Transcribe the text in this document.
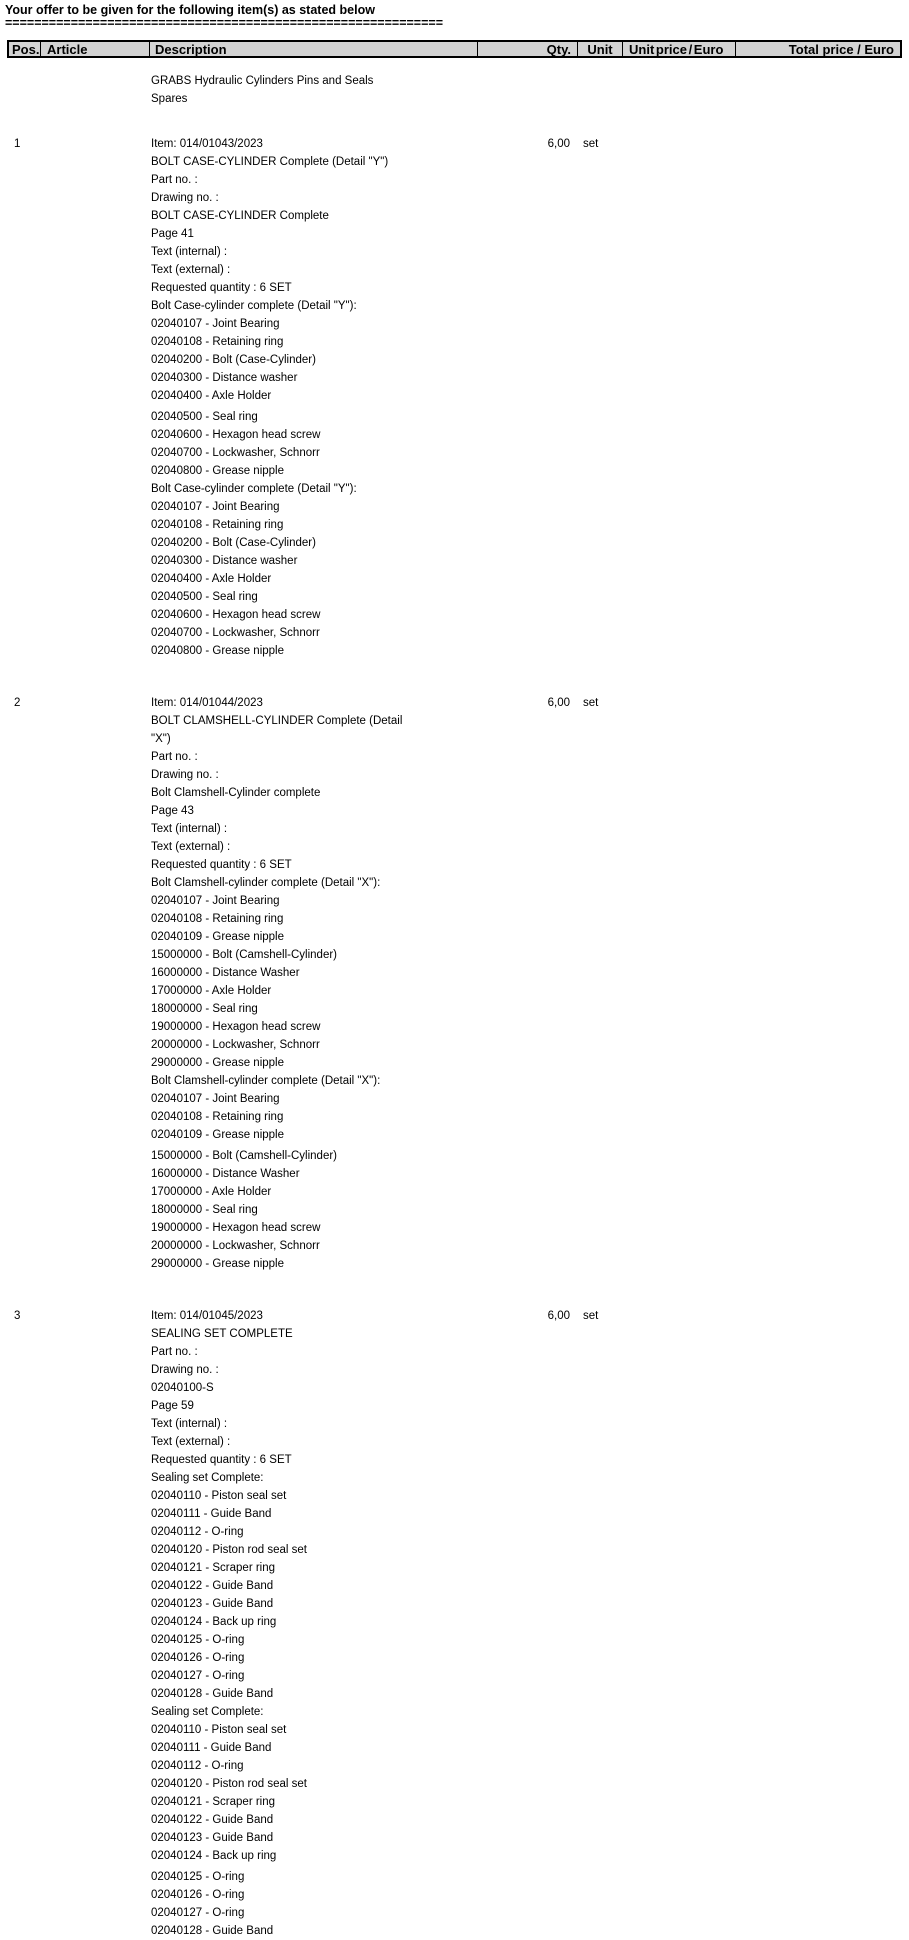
Your offer to be given for the following item(s) as stated below
============================================================
Pos. Article	Description	Qty.	Unit	Unit price / Euro	Total price / Euro
GRABS Hydraulic Cylinders Pins and Seals
Spares
1	6,00 set
Item: 014/01043/2023
BOLT CASE-CYLINDER Complete (Detail "Y")
Part no. :
Drawing no. :
BOLT CASE-CYLINDER Complete
Page 41
Text (internal) :
Text (external) :
Requested quantity : 6 SET
Bolt Case-cylinder complete (Detail "Y"):
02040107 - Joint Bearing
02040108 - Retaining ring
02040200 - Bolt (Case-Cylinder)
02040300 - Distance washer
02040400 - Axle Holder
02040500 - Seal ring
02040600 - Hexagon head screw
02040700 - Lockwasher, Schnorr
02040800 - Grease nipple
Bolt Case-cylinder complete (Detail "Y"):
02040107 - Joint Bearing
02040108 - Retaining ring
02040200 - Bolt (Case-Cylinder)
02040300 - Distance washer
02040400 - Axle Holder
02040500 - Seal ring
02040600 - Hexagon head screw
02040700 - Lockwasher, Schnorr
02040800 - Grease nipple
2	6,00 set
Item: 014/01044/2023
BOLT CLAMSHELL-CYLINDER Complete (Detail
"X")
Part no. :
Drawing no. :
Bolt Clamshell-Cylinder complete
Page 43
Text (internal) :
Text (external) :
Requested quantity : 6 SET
Bolt Clamshell-cylinder complete (Detail "X"):
02040107 - Joint Bearing
02040108 - Retaining ring
02040109 - Grease nipple
15000000 - Bolt (Camshell-Cylinder)
16000000 - Distance Washer
17000000 - Axle Holder
18000000 - Seal ring
19000000 - Hexagon head screw
20000000 - Lockwasher, Schnorr
29000000 - Grease nipple
Bolt Clamshell-cylinder complete (Detail "X"):
02040107 - Joint Bearing
02040108 - Retaining ring
02040109 - Grease nipple
15000000 - Bolt (Camshell-Cylinder)
16000000 - Distance Washer
17000000 - Axle Holder
18000000 - Seal ring
19000000 - Hexagon head screw
20000000 - Lockwasher, Schnorr
29000000 - Grease nipple
3	6,00 set
Item: 014/01045/2023
SEALING SET COMPLETE
Part no. :
Drawing no. :
02040100-S
Page 59
Text (internal) :
Text (external) :
Requested quantity : 6 SET
Sealing set Complete:
02040110 - Piston seal set
02040111 - Guide Band
02040112 - O-ring
02040120 - Piston rod seal set
02040121 - Scraper ring
02040122 - Guide Band
02040123 - Guide Band
02040124 - Back up ring
02040125 - O-ring
02040126 - O-ring
02040127 - O-ring
02040128 - Guide Band
Sealing set Complete:
02040110 - Piston seal set
02040111 - Guide Band
02040112 - O-ring
02040120 - Piston rod seal set
02040121 - Scraper ring
02040122 - Guide Band
02040123 - Guide Band
02040124 - Back up ring
02040125 - O-ring
02040126 - O-ring
02040127 - O-ring
02040128 - Guide Band
